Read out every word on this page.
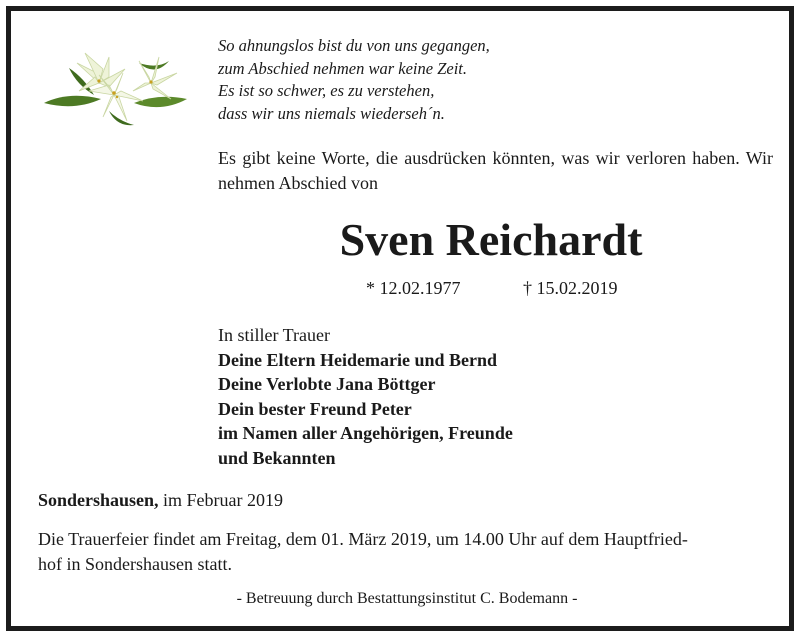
So ahnungslos bist du von uns gegangen,
zum Abschied nehmen war keine Zeit.
Es ist so schwer, es zu verstehen,
dass wir uns niemals wiederseh´n.
Es gibt keine Worte, die ausdrücken könnten, was wir verloren haben. Wir nehmen Abschied von
Sven Reichardt
* 12.02.1977	† 15.02.2019
In stiller Trauer
Deine Eltern Heidemarie und Bernd
Deine Verlobte Jana Böttger
Dein bester Freund Peter
im Namen aller Angehörigen, Freunde
und Bekannten
Sondershausen, im Februar 2019
Die Trauerfeier findet am Freitag, dem 01. März 2019, um 14.00 Uhr auf dem Hauptfried-
hof in Sondershausen statt.
- Betreuung durch Bestattungsinstitut C. Bodemann -
